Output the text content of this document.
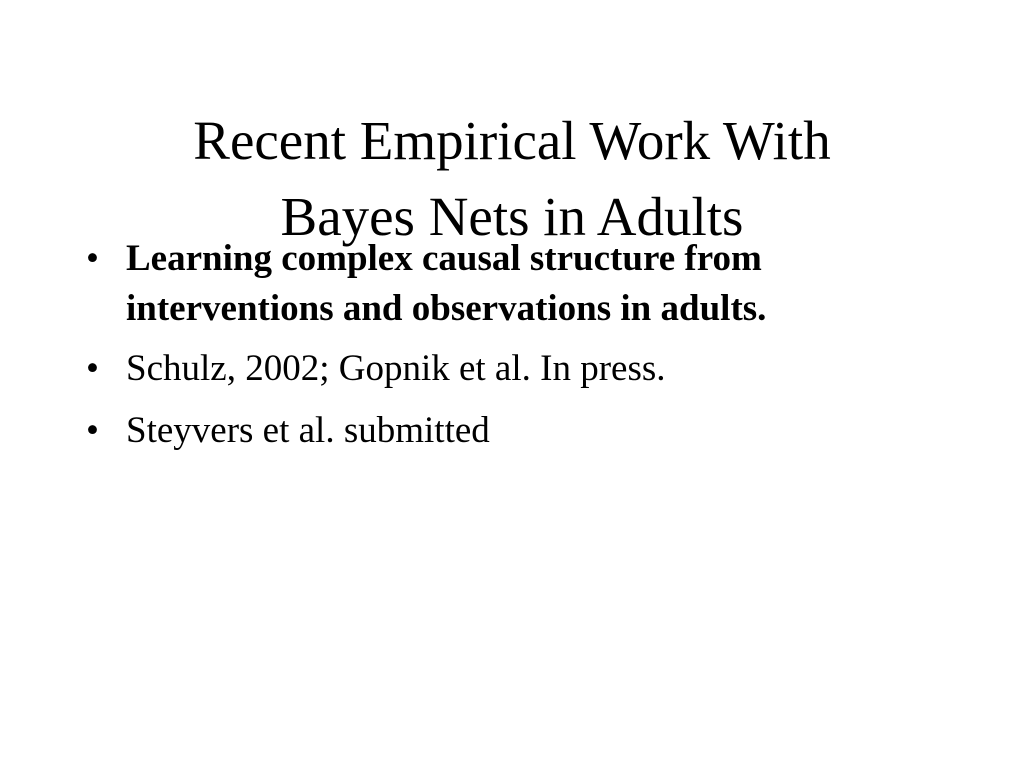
Recent Empirical Work With
Bayes Nets in Adults
• Learning complex causal structure from
interventions and observations in adults.
• Schulz, 2002; Gopnik et al. In press.
• Steyvers et al. submitted
